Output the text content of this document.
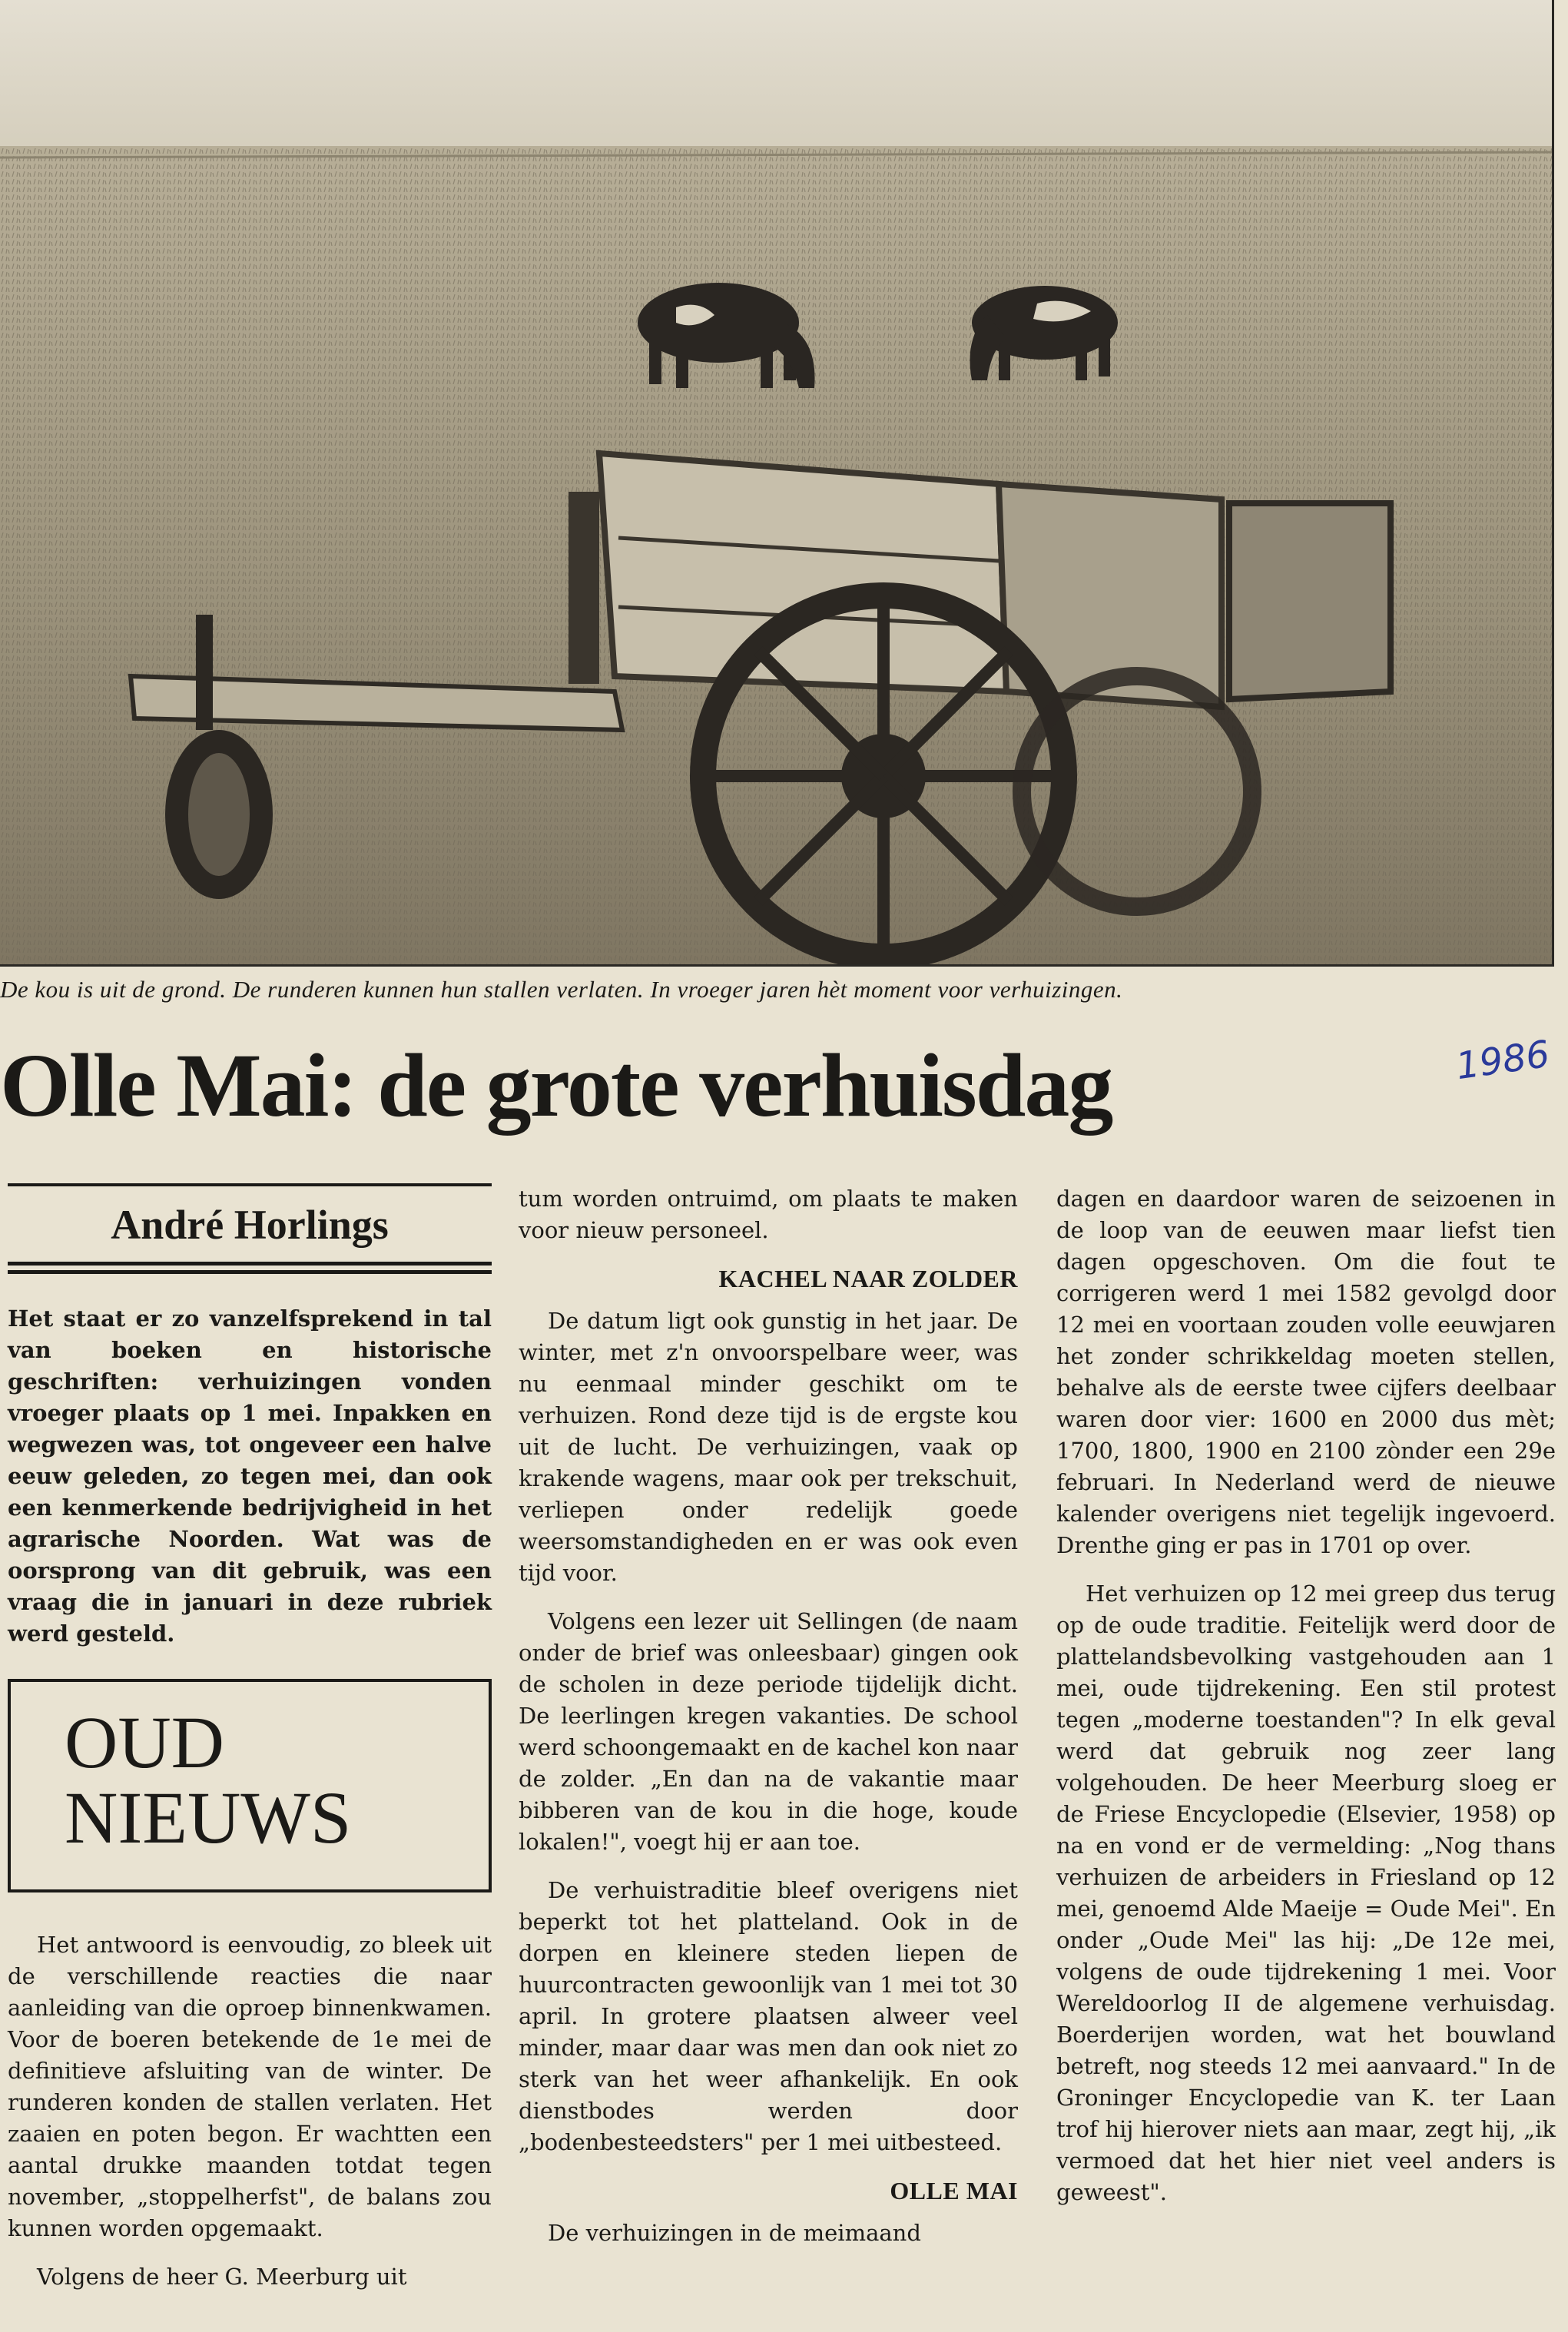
De kou is uit de grond. De runderen kunnen hun stallen verlaten. In vroeger jaren hèt moment voor verhuizingen.
Olle Mai: de grote verhuisdag	1986
André Horlings

Het staat er zo vanzelfsprekend in tal van boeken en historische geschriften: verhuizingen vonden vroeger plaats op 1 mei. Inpakken en wegwezen was, tot ongeveer een halve eeuw geleden, zo tegen mei, dan ook een kenmerkende bedrijvigheid in het agrarische Noorden. Wat was de oorsprong van dit gebruik, was een vraag die in januari in deze rubriek werd gesteld.

OUD
NIEUWS

Het antwoord is eenvoudig, zo bleek uit de verschillende reacties die naar aanleiding van die oproep binnenkwamen. Voor de boeren betekende de 1e mei de definitieve afsluiting van de winter. De runderen konden de stallen verlaten. Het zaaien en poten begon. Er wachtten een aantal drukke maanden totdat tegen november, „stoppelherfst", de balans zou kunnen worden opgemaakt.

Volgens de heer G. Meerburg uit

tum worden ontruimd, om plaats te maken voor nieuw personeel.

KACHEL NAAR ZOLDER

De datum ligt ook gunstig in het jaar. De winter, met z'n onvoorspelbare weer, was nu eenmaal minder geschikt om te verhuizen. Rond deze tijd is de ergste kou uit de lucht. De verhuizingen, vaak op krakende wagens, maar ook per trekschuit, verliepen onder redelijk goede weersomstandigheden en er was ook even tijd voor.

Volgens een lezer uit Sellingen (de naam onder de brief was onleesbaar) gingen ook de scholen in deze periode tijdelijk dicht. De leerlingen kregen vakanties. De school werd schoongemaakt en de kachel kon naar de zolder. „En dan na de vakantie maar bibberen van de kou in die hoge, koude lokalen!", voegt hij er aan toe.

De verhuistraditie bleef overigens niet beperkt tot het platteland. Ook in de dorpen en kleinere steden liepen de huurcontracten gewoonlijk van 1 mei tot 30 april. In grotere plaatsen alweer veel minder, maar daar was men dan ook niet zo sterk van het weer afhankelijk. En ook dienstbodes werden door „bodenbesteedsters" per 1 mei uitbesteed.

OLLE MAI

De verhuizingen in de meimaand

dagen en daardoor waren de seizoenen in de loop van de eeuwen maar liefst tien dagen opgeschoven. Om die fout te corrigeren werd 1 mei 1582 gevolgd door 12 mei en voortaan zouden volle eeuwjaren het zonder schrikkeldag moeten stellen, behalve als de eerste twee cijfers deelbaar waren door vier: 1600 en 2000 dus mèt; 1700, 1800, 1900 en 2100 zònder een 29e februari. In Nederland werd de nieuwe kalender overigens niet tegelijk ingevoerd. Drenthe ging er pas in 1701 op over.

Het verhuizen op 12 mei greep dus terug op de oude traditie. Feitelijk werd door de plattelandsbevolking vastgehouden aan 1 mei, oude tijdrekening. Een stil protest tegen „moderne toestanden"? In elk geval werd dat gebruik nog zeer lang volgehouden. De heer Meerburg sloeg er de Friese Encyclopedie (Elsevier, 1958) op na en vond er de vermelding: „Nog thans verhuizen de arbeiders in Friesland op 12 mei, genoemd Alde Maeije = Oude Mei". En onder „Oude Mei" las hij: „De 12e mei, volgens de oude tijdrekening 1 mei. Voor Wereldoorlog II de algemene verhuisdag. Boerderijen worden, wat het bouwland betreft, nog steeds 12 mei aanvaard." In de Groninger Encyclopedie van K. ter Laan trof hij hierover niets aan maar, zegt hij, „ik vermoed dat het hier niet veel anders is geweest".
